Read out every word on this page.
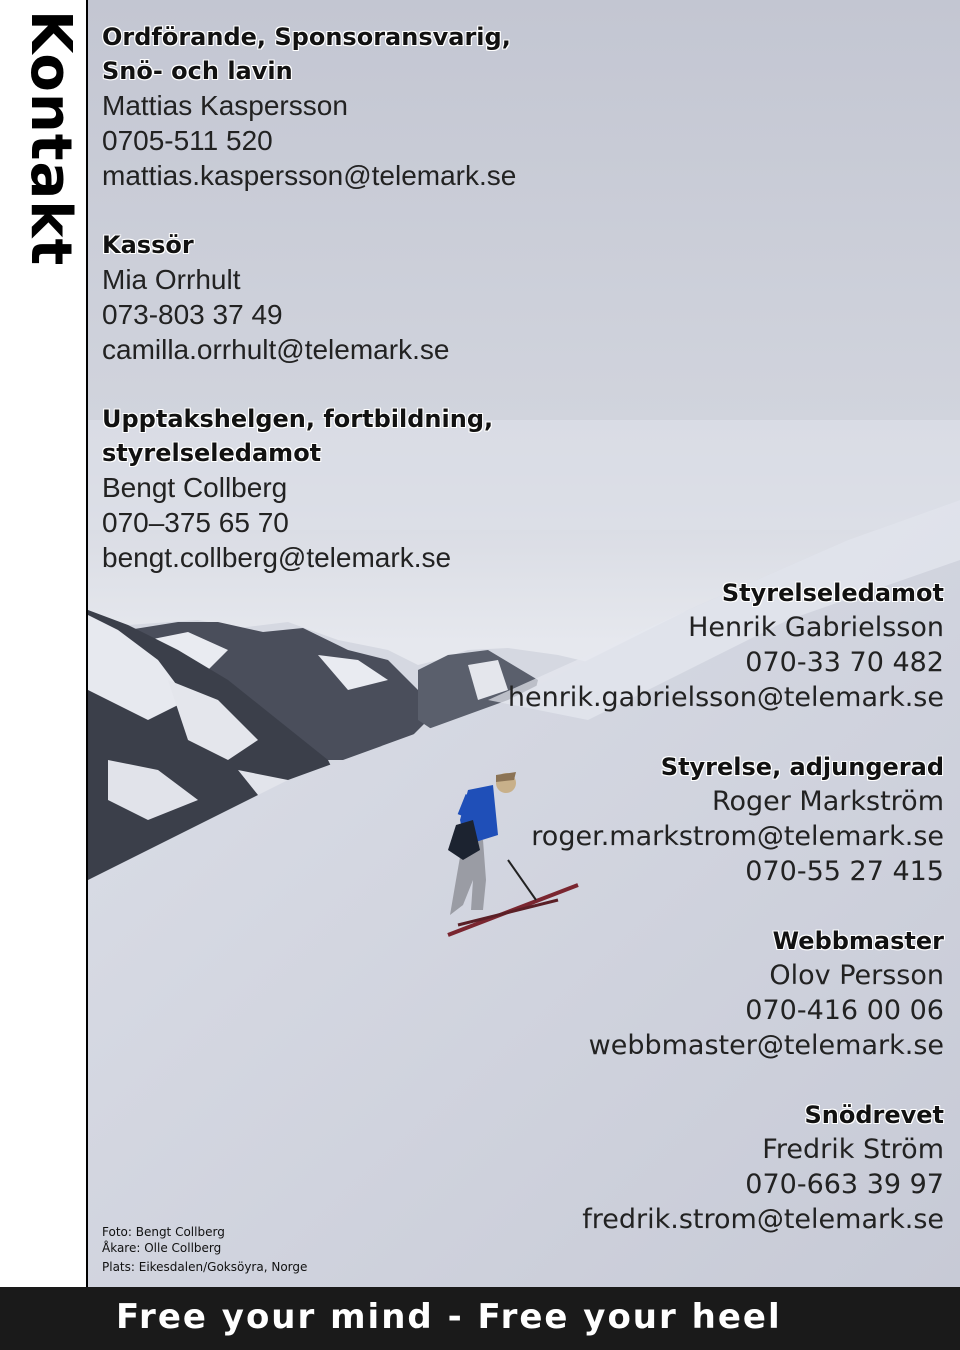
Kontakt Ordförande, Sponsoransvarig,
Snö- och lavin
Mattias Kaspersson
0705-511 520
mattias.kaspersson@telemark.se
Kassör
Mia Orrhult
073-803 37 49
camilla.orrhult@telemark.se
Upptakshelgen, fortbildning,
styrelseledamot
Bengt Collberg
070–375 65 70
bengt.collberg@telemark.se
Styrelseledamot
Henrik Gabrielsson
070-33 70 482
henrik.gabrielsson@telemark.se
Styrelse, adjungerad
Roger Markström
roger.markstrom@telemark.se
070-55 27 415
Webbmaster
Olov Persson
070-416 00 06
webbmaster@telemark.se
Snödrevet
Fredrik Ström
070-663 39 97
fredrik.strom@telemark.se
Foto: Bengt Collberg
Åkare: Olle Collberg
Plats: Eikesdalen/Goksöyra, Norge
Free your mind - Free your heel
